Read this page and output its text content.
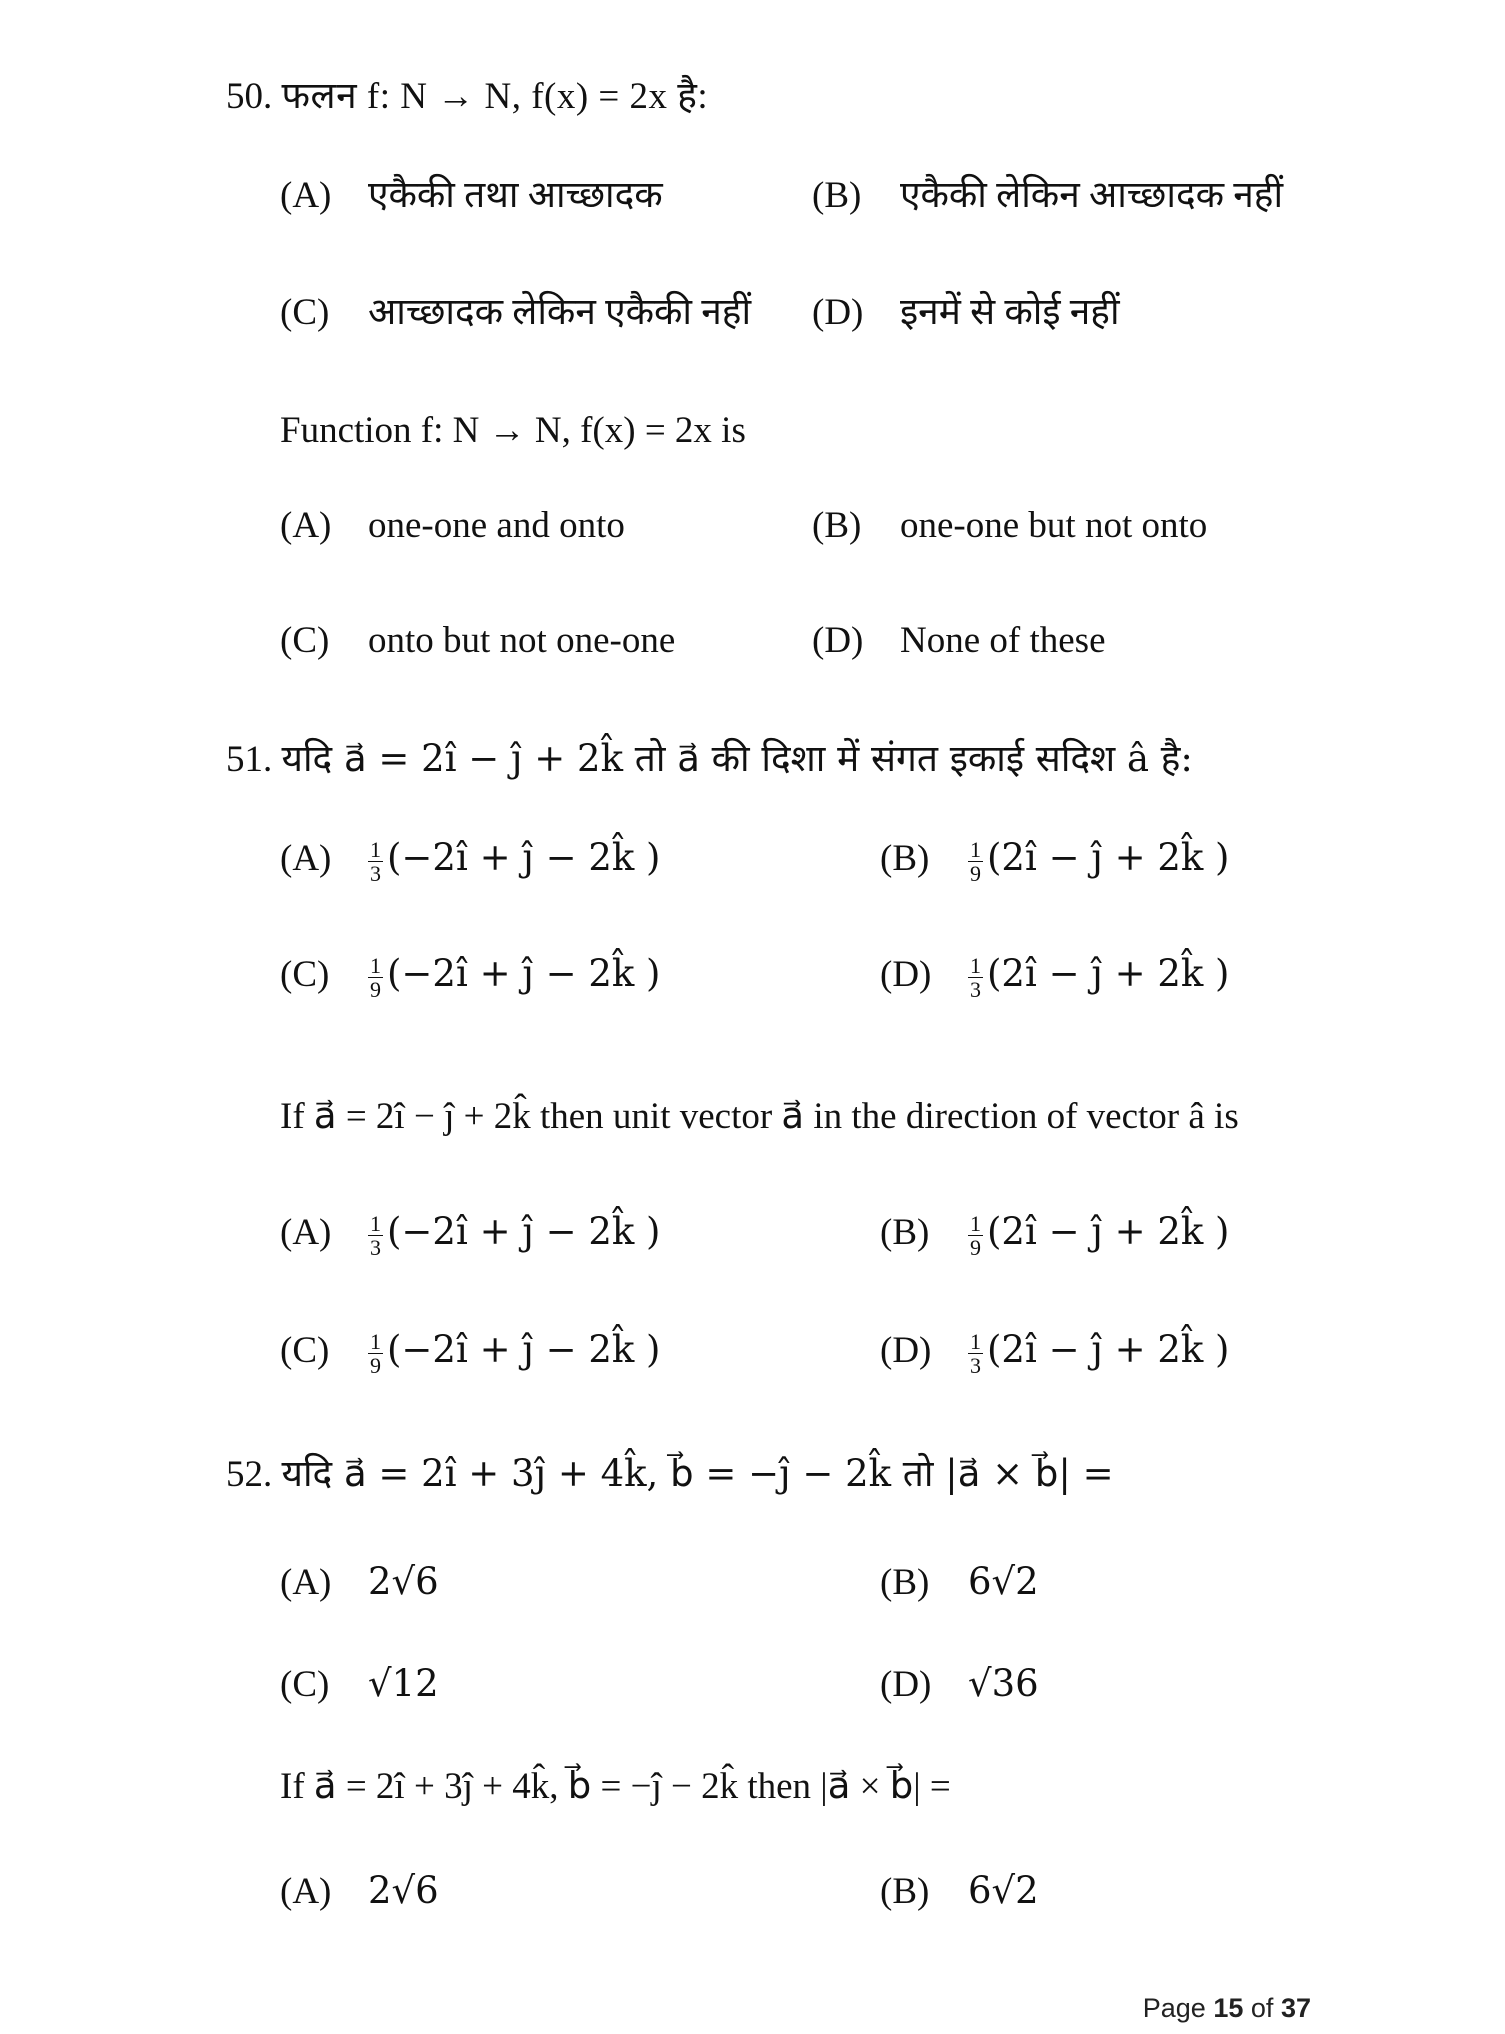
50. फलन f: N → N, f(x) = 2x है:
(A) एकैकी तथा आच्छादक	(B) एकैकी लेकिन आच्छादक नहीं
(C) आच्छादक लेकिन एकैकी नहीं (D) इनमें से कोई नहीं
Function f: N → N, f(x) = 2x is
(A) one-one and onto	(B) one-one but not onto
(C) onto but not one-one	(D) None of these
51. यदि a⃗ = 2î − ĵ + 2k̂ तो a⃗ की दिशा में संगत इकाई सदिश â है:
$(A) \frac{1}{3}$ (−2î + ĵ − 2k̂ )	$(B) \frac{1}{9}$ (2î − ĵ + 2k̂ )
$(C) \frac{1}{9}$ (−2î + ĵ − 2k̂ )	$(D) \frac{1}{3}$ (2î − ĵ + 2k̂ )
If a⃗ = 2î − ĵ + 2k̂ then unit vector a⃗ in the direction of vector â is
$(A) \frac{1}{3}$ (−2î + ĵ − 2k̂ )	$(B) \frac{1}{9}$ (2î − ĵ + 2k̂ )
$(C) \frac{1}{9}$ (−2î + ĵ − 2k̂ )	$(D) \frac{1}{3}$ (2î − ĵ + 2k̂ )
52. यदि a⃗ = 2î + 3ĵ + 4k̂, b⃗ = −ĵ − 2k̂ तो |a⃗ × b⃗| =
(A) 2√6	(B) 6√2
(C) √12	(D) √36
If a⃗ = 2î + 3ĵ + 4k̂, b⃗ = −ĵ − 2k̂ then |a⃗ × b⃗| =
(A) 2√6	(B) 6√2
Page 15 of 37
